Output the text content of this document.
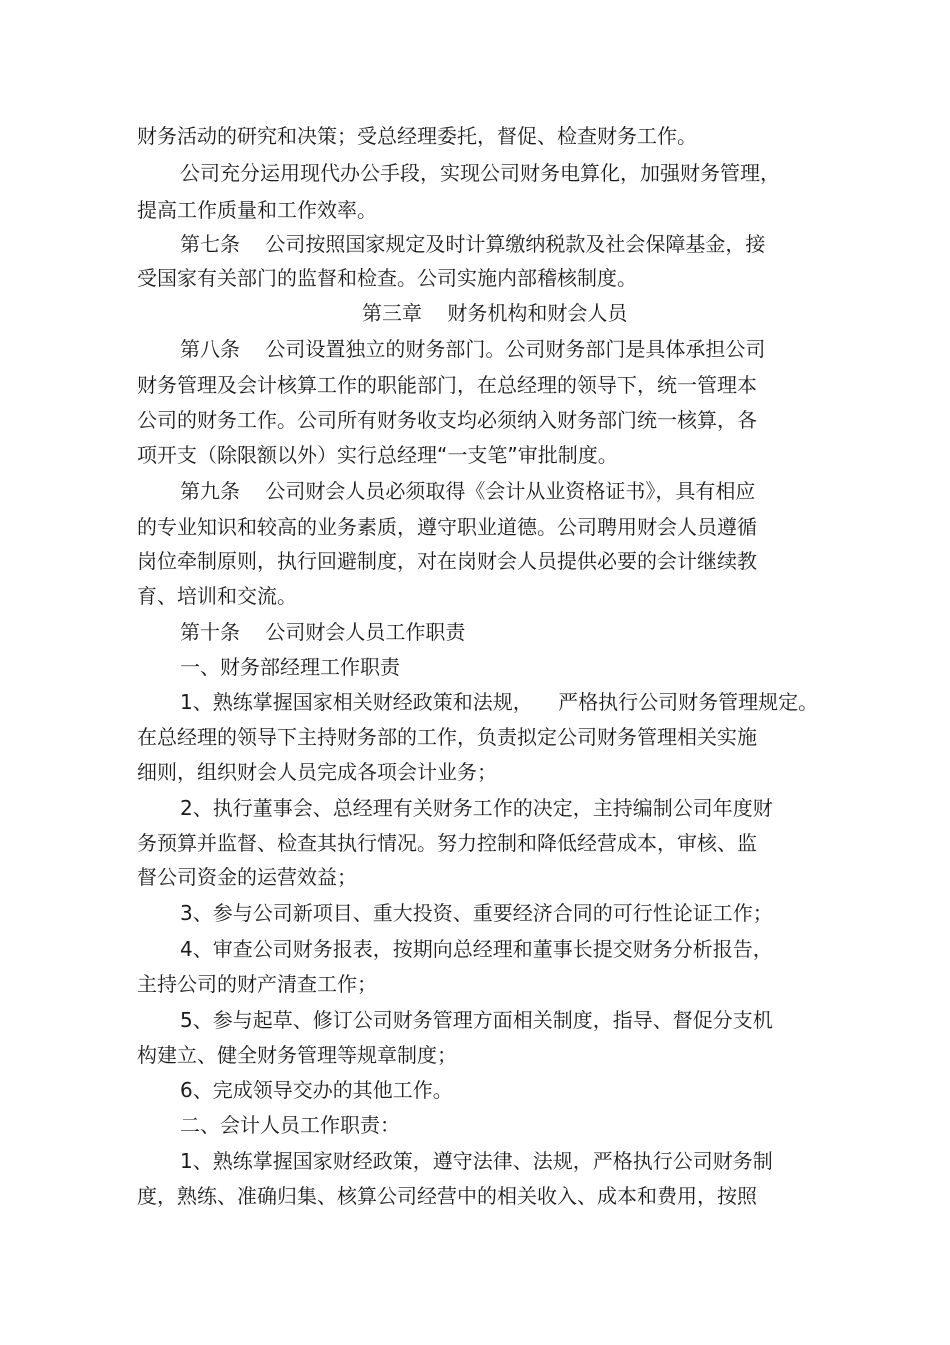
财务活动的研究和决策；受总经理委托，督促、检查财务工作。
公司充分运用现代办公手段，实现公司财务电算化，加强财务管理，
提高工作质量和工作效率。
第七条    公司按照国家规定及时计算缴纳税款及社会保障基金，接
受国家有关部门的监督和检查。公司实施内部稽核制度。
第三章    财务机构和财会人员
第八条    公司设置独立的财务部门。公司财务部门是具体承担公司
财务管理及会计核算工作的职能部门，在总经理的领导下，统一管理本
公司的财务工作。公司所有财务收支均必须纳入财务部门统一核算，各
项开支（除限额以外）实行总经理“一支笔”审批制度。
第九条    公司财会人员必须取得《会计从业资格证书》，具有相应
的专业知识和较高的业务素质，遵守职业道德。公司聘用财会人员遵循
岗位牵制原则，执行回避制度，对在岗财会人员提供必要的会计继续教
育、培训和交流。
第十条    公司财会人员工作职责
一、财务部经理工作职责
1、熟练掌握国家相关财经政策和法规，    严格执行公司财务管理规定。
在总经理的领导下主持财务部的工作，负责拟定公司财务管理相关实施
细则，组织财会人员完成各项会计业务；
2、执行董事会、总经理有关财务工作的决定，主持编制公司年度财
务预算并监督、检查其执行情况。努力控制和降低经营成本，审核、监
督公司资金的运营效益；
3、参与公司新项目、重大投资、重要经济合同的可行性论证工作；
4、审查公司财务报表，按期向总经理和董事长提交财务分析报告，
主持公司的财产清查工作；
5、参与起草、修订公司财务管理方面相关制度，指导、督促分支机
构建立、健全财务管理等规章制度；
6、完成领导交办的其他工作。
二、会计人员工作职责：
1、熟练掌握国家财经政策，遵守法律、法规，严格执行公司财务制
度，熟练、准确归集、核算公司经营中的相关收入、成本和费用，按照
